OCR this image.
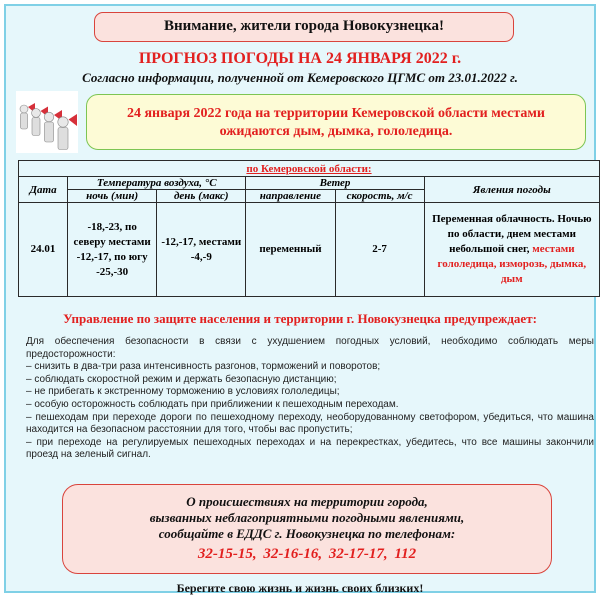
Внимание, жители города Новокузнецка!
ПРОГНОЗ ПОГОДЫ НА 24 ЯНВАРЯ 2022 г.
Согласно информации, полученной от Кемеровского ЦГМС от 23.01.2022 г.
24 января 2022 года на территории Кемеровской области местами ожидаются дым, дымка, гололедица.
по Кемеровской области:					
Дата	Температура воздуха, °С		Ветер		Явления погоды
	ночь (мин)	день (макс)	направление	скорость, м/с	
24.01	-18,-23, по северу местами -12,-17, по югу -25,-30	-12,-17, местами -4,-9	переменный	2-7	Переменная облачность. Ночью по области, днем местами небольшой снег, местами гололедица, изморозь, дымка, дым
Управление по защите населения и территории г. Новокузнецка предупреждает:

Для обеспечения безопасности в связи с ухудшением погодных условий, необходимо соблюдать меры предосторожности:

– снизить в два-три раза интенсивность разгонов, торможений и поворотов;

– соблюдать скоростной режим и держать безопасную дистанцию;

– не прибегать к экстренному торможению в условиях гололедицы;

– особую осторожность соблюдать при приближении к пешеходным переходам.

– пешеходам при переходе дороги по пешеходному переходу, необорудованному светофором, убедиться, что машина находится на безопасном расстоянии для того, чтобы вас пропустить;

– при переходе на регулируемых пешеходных переходах и на перекрестках, убедитесь, что все машины закончили проезд на зеленый сигнал.

О происшествиях на территории города,
вызванных неблагоприятными погодными явлениями,
сообщайте в ЕДДС г. Новокузнецка по телефонам:
32-15-15, 32-16-16, 32-17-17, 112
Берегите свою жизнь и жизнь своих близких!
